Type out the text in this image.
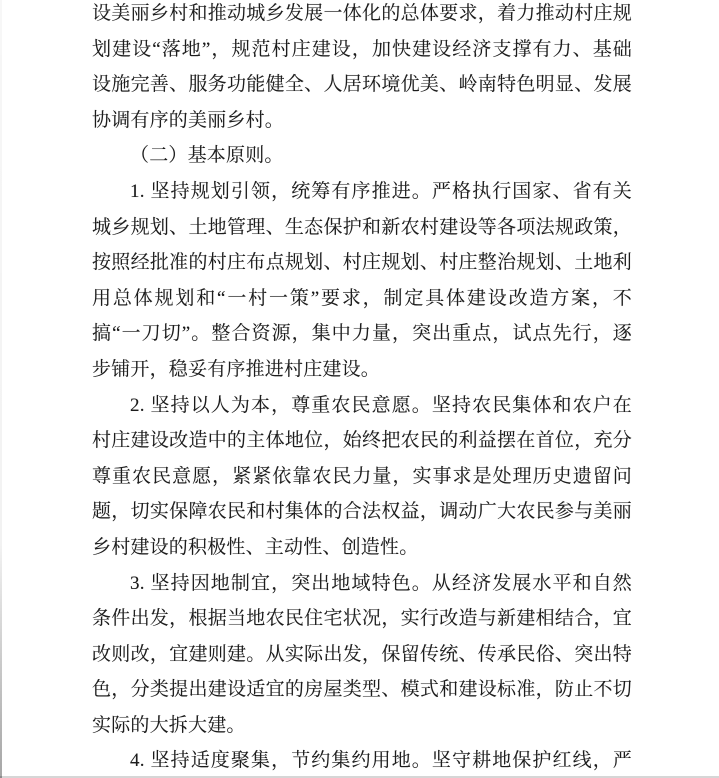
设美丽乡村和推动城乡发展一体化的总体要求，着力推动村庄规
划建设“落地”，规范村庄建设，加快建设经济支撑有力、基础
设施完善、服务功能健全、人居环境优美、岭南特色明显、发展
协调有序的美丽乡村。
（二）基本原则。
1. 坚持规划引领，统筹有序推进。严格执行国家、省有关
城乡规划、土地管理、生态保护和新农村建设等各项法规政策，
按照经批准的村庄布点规划、村庄规划、村庄整治规划、土地利
用总体规划和“一村一策”要求，制定具体建设改造方案，不
搞“一刀切”。整合资源，集中力量，突出重点，试点先行，逐
步铺开，稳妥有序推进村庄建设。
2. 坚持以人为本，尊重农民意愿。坚持农民集体和农户在
村庄建设改造中的主体地位，始终把农民的利益摆在首位，充分
尊重农民意愿，紧紧依靠农民力量，实事求是处理历史遗留问
题，切实保障农民和村集体的合法权益，调动广大农民参与美丽
乡村建设的积极性、主动性、创造性。
3. 坚持因地制宜，突出地域特色。从经济发展水平和自然
条件出发，根据当地农民住宅状况，实行改造与新建相结合，宜
改则改，宜建则建。从实际出发，保留传统、传承民俗、突出特
色，分类提出建设适宜的房屋类型、模式和建设标准，防止不切
实际的大拆大建。
4. 坚持适度聚集，节约集约用地。坚守耕地保护红线，严
